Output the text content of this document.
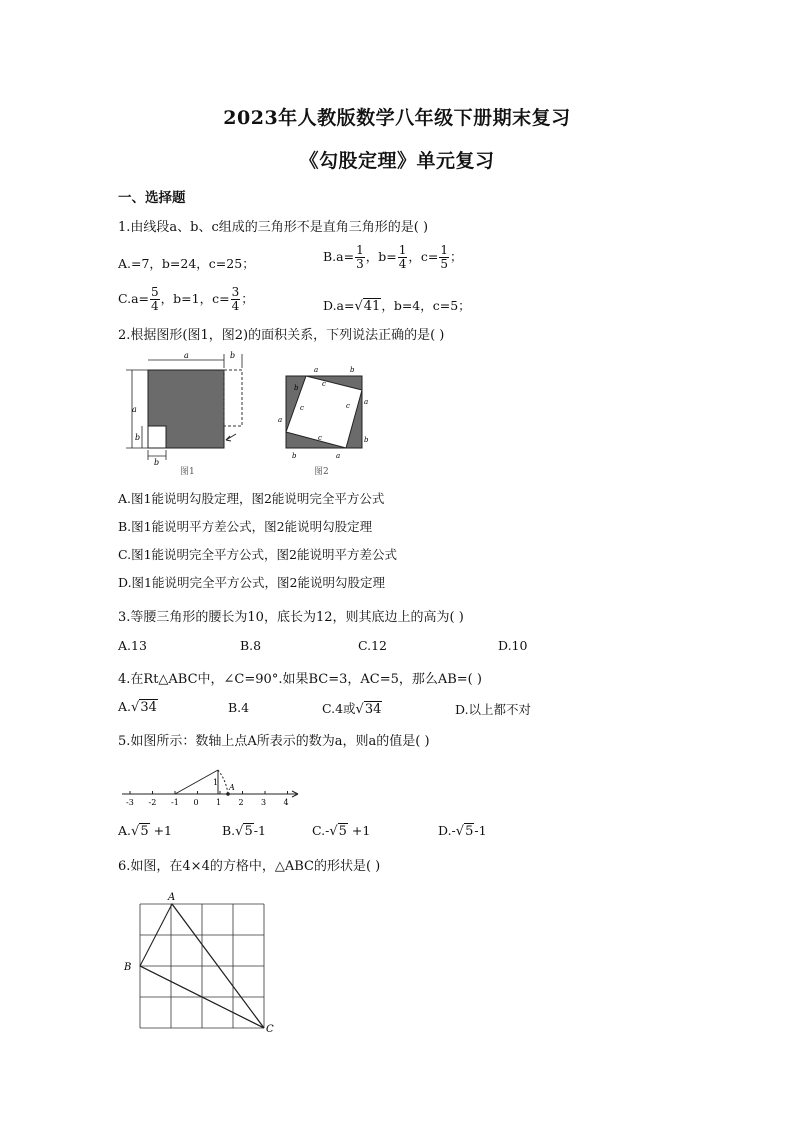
2023年人教版数学八年级下册期末复习
《勾股定理》单元复习
一、选择题
1.由线段a、b、c组成的三角形不是直角三角形的是( )
A.=7，b=24，c=25；	$B.a= \frac{1}{3}$ ，$b= \frac{1}{4}$ ，$c= \frac{1}{5}$ ；
$C.a= \frac{5}{4}$ ，b=1，$c= \frac{3}{4}$ ；	D.a=√41，b=4，c=5；
2.根据图形(图1，图2)的面积关系，下列说法正确的是( )
a	b
a
b
b
图1
b
a	b
a
b
a
b
a
c
c
c
c
图2
A.图1能说明勾股定理，图2能说明完全平方公式
B.图1能说明平方差公式，图2能说明勾股定理
C.图1能说明完全平方公式，图2能说明平方差公式
D.图1能说明完全平方公式，图2能说明勾股定理
3.等腰三角形的腰长为10，底长为12，则其底边上的高为( )
A.13	B.8	C.12	D.10
4.在Rt△ABC中，∠C=90°.如果BC=3，AC=5，那么AB=( )
A.√34	B.4	C.4或√34	D.以上都不对
5.如图所示：数轴上点A所表示的数为a，则a的值是( )
-3 -2 -1 0 1 2 3 4
1
A
A.√5 +1	B.√5-1	C.-√5 +1	D.-√5-1
6.如图，在4×4的方格中，△ABC的形状是( )
A
B
C
